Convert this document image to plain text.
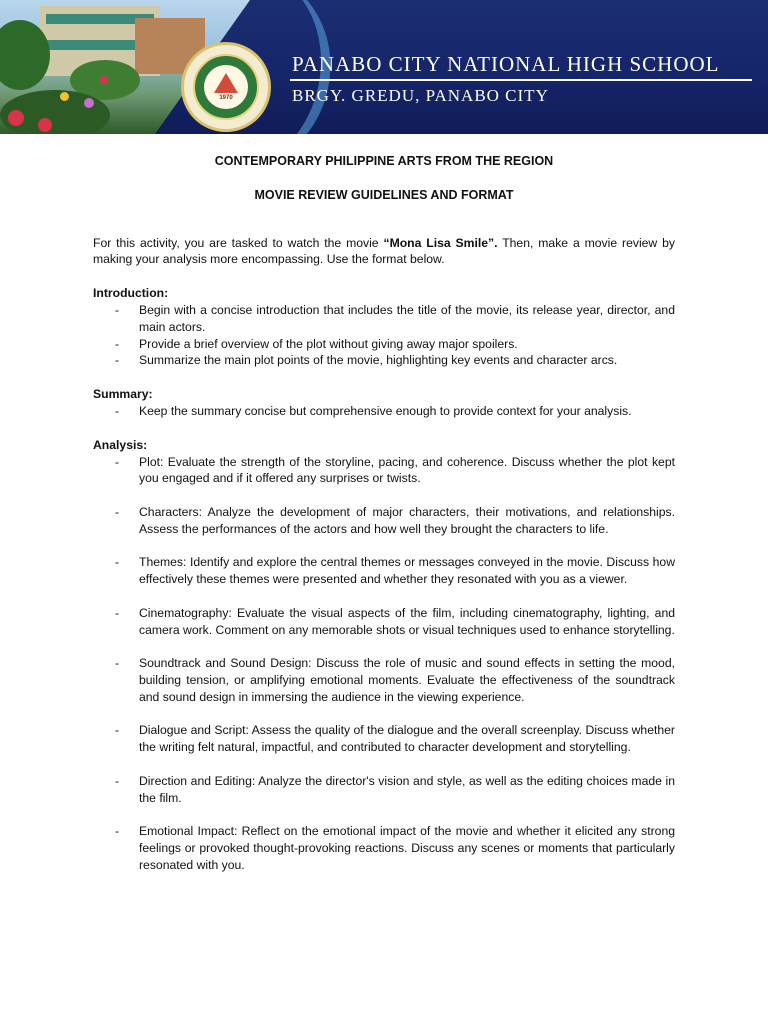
1970
PANABO CITY NATIONAL HIGH SCHOOL
BRGY. GREDU, PANABO CITY

CONTEMPORARY PHILIPPINE ARTS FROM THE REGION

MOVIE REVIEW GUIDELINES AND FORMAT

For this activity, you are tasked to watch the movie “Mona Lisa Smile”. Then, make a movie review by making your analysis more encompassing. Use the format below.

Introduction:

-	Begin with a concise introduction that includes the title of the movie, its release year, director, and main actors.
-	Provide a brief overview of the plot without giving away major spoilers.
-	Summarize the main plot points of the movie, highlighting key events and character arcs.

Summary:

-	Keep the summary concise but comprehensive enough to provide context for your analysis.

Analysis:

-	Plot: Evaluate the strength of the storyline, pacing, and coherence. Discuss whether the plot kept you engaged and if it offered any surprises or twists.
-	Characters: Analyze the development of major characters, their motivations, and relationships. Assess the performances of the actors and how well they brought the characters to life.
-	Themes: Identify and explore the central themes or messages conveyed in the movie. Discuss how effectively these themes were presented and whether they resonated with you as a viewer.
-	Cinematography: Evaluate the visual aspects of the film, including cinematography, lighting, and camera work. Comment on any memorable shots or visual techniques used to enhance storytelling.
-	Soundtrack and Sound Design: Discuss the role of music and sound effects in setting the mood, building tension, or amplifying emotional moments. Evaluate the effectiveness of the soundtrack and sound design in immersing the audience in the viewing experience.
-	Dialogue and Script: Assess the quality of the dialogue and the overall screenplay. Discuss whether the writing felt natural, impactful, and contributed to character development and storytelling.
-	Direction and Editing: Analyze the director's vision and style, as well as the editing choices made in the film.
-	Emotional Impact: Reflect on the emotional impact of the movie and whether it elicited any strong feelings or provoked thought-provoking reactions. Discuss any scenes or moments that particularly resonated with you.
